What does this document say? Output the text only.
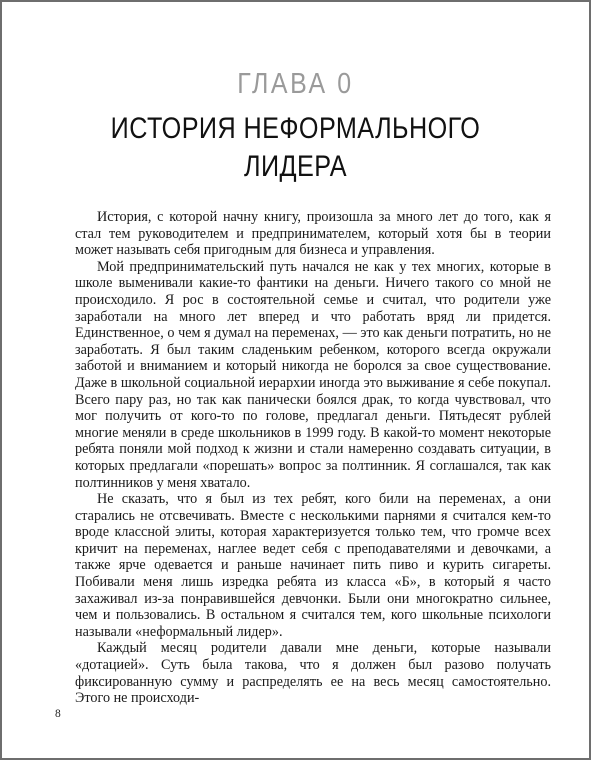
ГЛАВА 0
ИСТОРИЯ НЕФОРМАЛЬНОГО
ЛИДЕРА

История, с которой начну книгу, произошла за много лет до того, как я стал тем руководителем и предпринимателем, который хотя бы в теории может называть себя пригодным для бизнеса и управления.

Мой предпринимательский путь начался не как у тех многих, которые в школе выменивали какие-то фантики на деньги. Ничего такого со мной не происходило. Я рос в состоятельной семье и считал, что родители уже заработали на много лет вперед и что работать вряд ли придется. Единственное, о чем я думал на переменах, — это как деньги потратить, но не заработать. Я был таким сладеньким ребенком, которого всегда окружали заботой и вниманием и который никогда не боролся за свое существование. Даже в школьной социальной иерархии иногда это выживание я себе покупал. Всего пару раз, но так как панически боялся драк, то когда чувствовал, что мог получить от кого-то по голове, предлагал деньги. Пятьдесят рублей многие меняли в среде школьников в 1999 году. В какой-то момент некоторые ребята поняли мой подход к жизни и стали намеренно создавать ситуации, в которых предлагали «порешать» вопрос за полтинник. Я соглашался, так как полтинников у меня хватало.

Не сказать, что я был из тех ребят, кого били на переменах, а они старались не отсвечивать. Вместе с несколькими парнями я считался кем-то вроде классной элиты, которая характеризуется только тем, что громче всех кричит на переменах, наглее ведет себя с преподавателями и девочками, а также ярче одевается и раньше начинает пить пиво и курить сигареты. Побивали меня лишь изредка ребята из класса «Б», в который я часто захаживал из-за понравившейся девчонки. Были они многократно сильнее, чем и пользовались. В остальном я считался тем, кого школьные психологи называли «неформальный лидер».

Каждый месяц родители давали мне деньги, которые называли «дотацией». Суть была такова, что я должен был разово получать фиксированную сумму и распределять ее на весь месяц самостоятельно. Этого не происходи-

8
